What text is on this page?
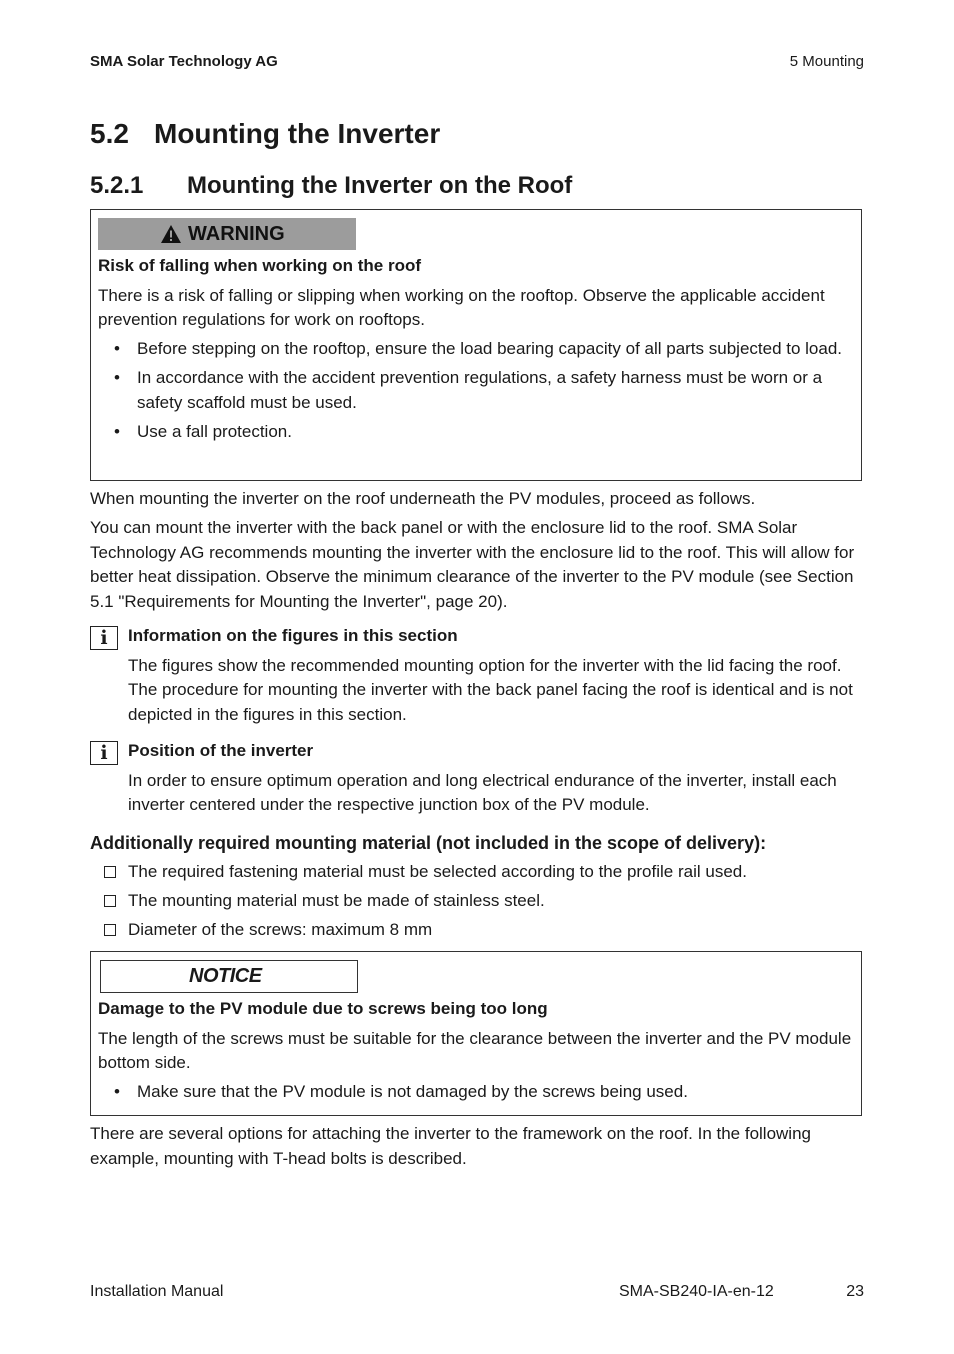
SMA Solar Technology AG	5 Mounting
5.2 Mounting the Inverter
5.2.1 Mounting the Inverter on the Roof
WARNING
Risk of falling when working on the roof

There is a risk of falling or slipping when working on the rooftop. Observe the applicable accident prevention regulations for work on rooftops.

• Before stepping on the rooftop, ensure the load bearing capacity of all parts subjected to load.
• In accordance with the accident prevention regulations, a safety harness must be worn or a safety scaffold must be used.
• Use a fall protection.

When mounting the inverter on the roof underneath the PV modules, proceed as follows.

You can mount the inverter with the back panel or with the enclosure lid to the roof. SMA Solar Technology AG recommends mounting the inverter with the enclosure lid to the roof. This will allow for better heat dissipation. Observe the minimum clearance of the inverter to the PV module (see Section 5.1 "Requirements for Mounting the Inverter", page 20).

i	Information on the figures in this section
The figures show the recommended mounting option for the inverter with the lid facing the roof. The procedure for mounting the inverter with the back panel facing the roof is identical and is not depicted in the figures in this section.
i	Position of the inverter
In order to ensure optimum operation and long electrical endurance of the inverter, install each inverter centered under the respective junction box of the PV module.
Additionally required mounting material (not included in the scope of delivery):
The required fastening material must be selected according to the profile rail used.
The mounting material must be made of stainless steel.
Diameter of the screws: maximum 8 mm
NOTICE
Damage to the PV module due to screws being too long

The length of the screws must be suitable for the clearance between the inverter and the PV module bottom side.

• Make sure that the PV module is not damaged by the screws being used.

There are several options for attaching the inverter to the framework on the roof. In the following example, mounting with T-head bolts is described.

Installation Manual	SMA-SB240-IA-en-12	23
